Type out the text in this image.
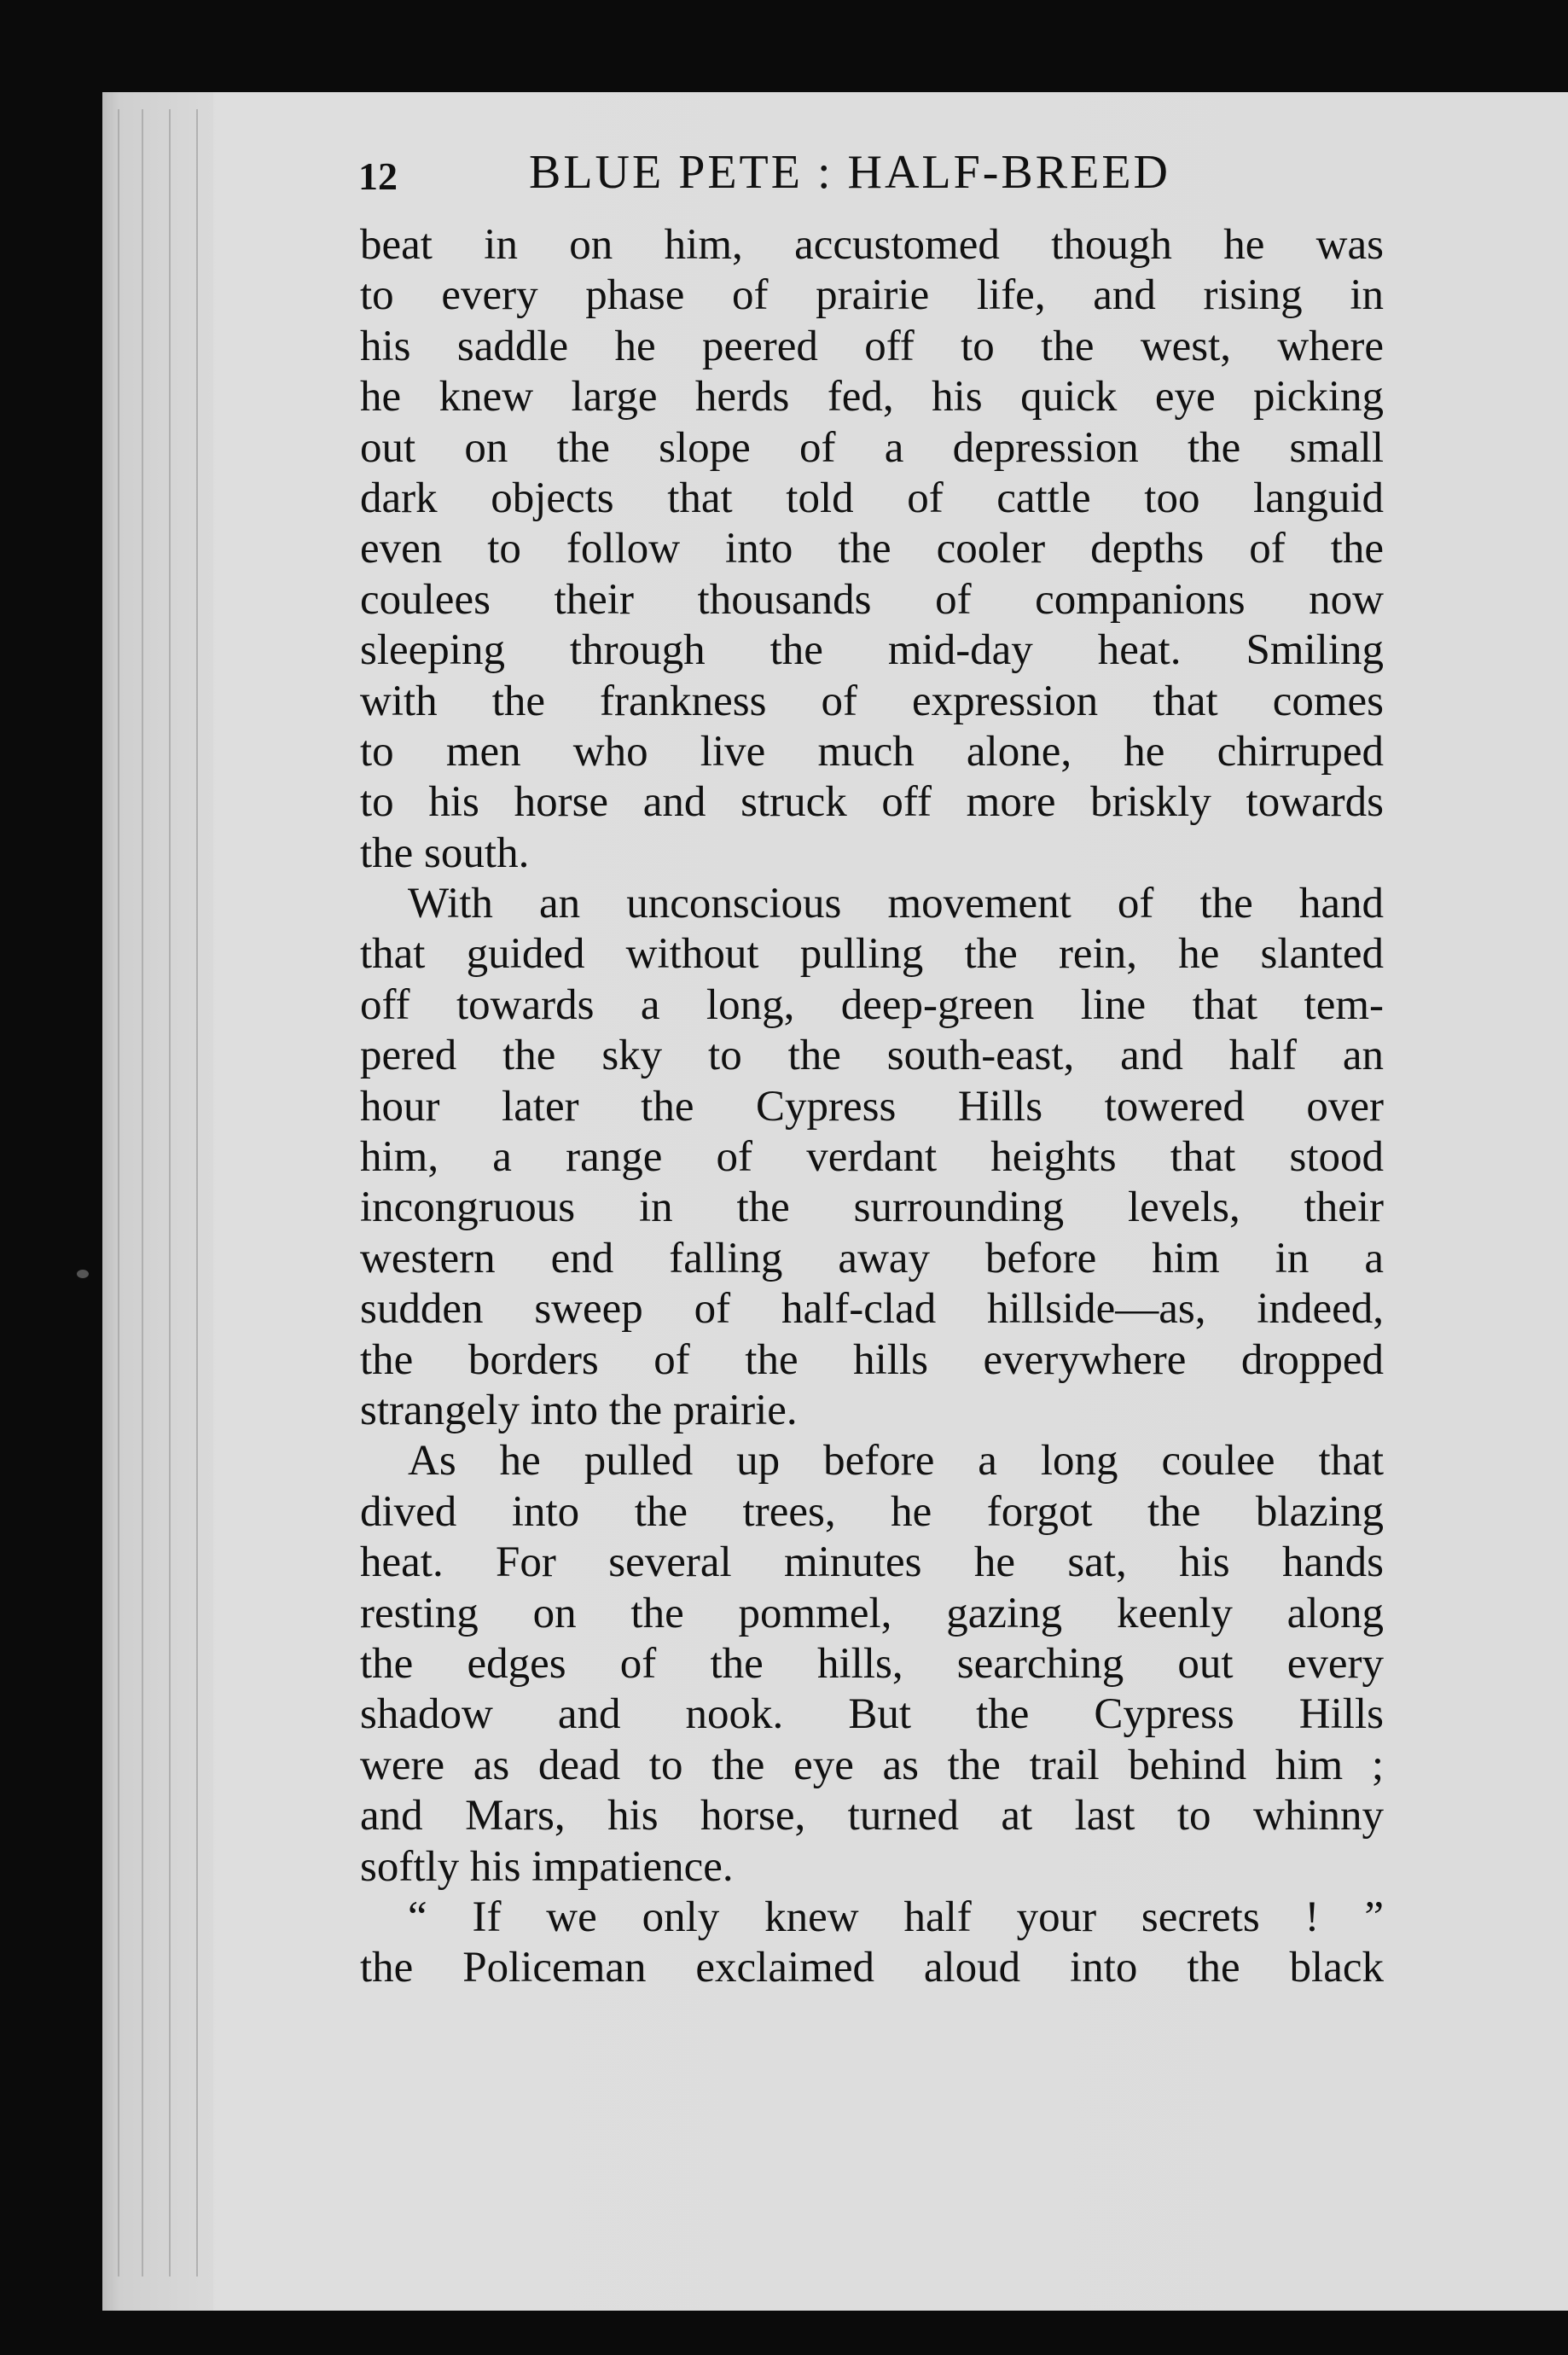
12	BLUE PETE : HALF-BREED
beat in on him, accustomed though he was
to every phase of prairie life, and rising in
his saddle he peered off to the west, where
he knew large herds fed, his quick eye picking
out on the slope of a depression the small
dark objects that told of cattle too languid
even to follow into the cooler depths of the
coulees their thousands of companions now
sleeping through the mid-day heat. Smiling
with the frankness of expression that comes
to men who live much alone, he chirruped
to his horse and struck off more briskly towards
the south.
With an unconscious movement of the hand
that guided without pulling the rein, he slanted
off towards a long, deep-green line that tem-
pered the sky to the south-east, and half an
hour later the Cypress Hills towered over
him, a range of verdant heights that stood
incongruous in the surrounding levels, their
western end falling away before him in a
sudden sweep of half-clad hillside—as, indeed,
the borders of the hills everywhere dropped
strangely into the prairie.
As he pulled up before a long coulee that
dived into the trees, he forgot the blazing
heat. For several minutes he sat, his hands
resting on the pommel, gazing keenly along
the edges of the hills, searching out every
shadow and nook. But the Cypress Hills
were as dead to the eye as the trail behind him ;
and Mars, his horse, turned at last to whinny
softly his impatience.
“ If we only knew half your secrets ! ”
the Policeman exclaimed aloud into the black
